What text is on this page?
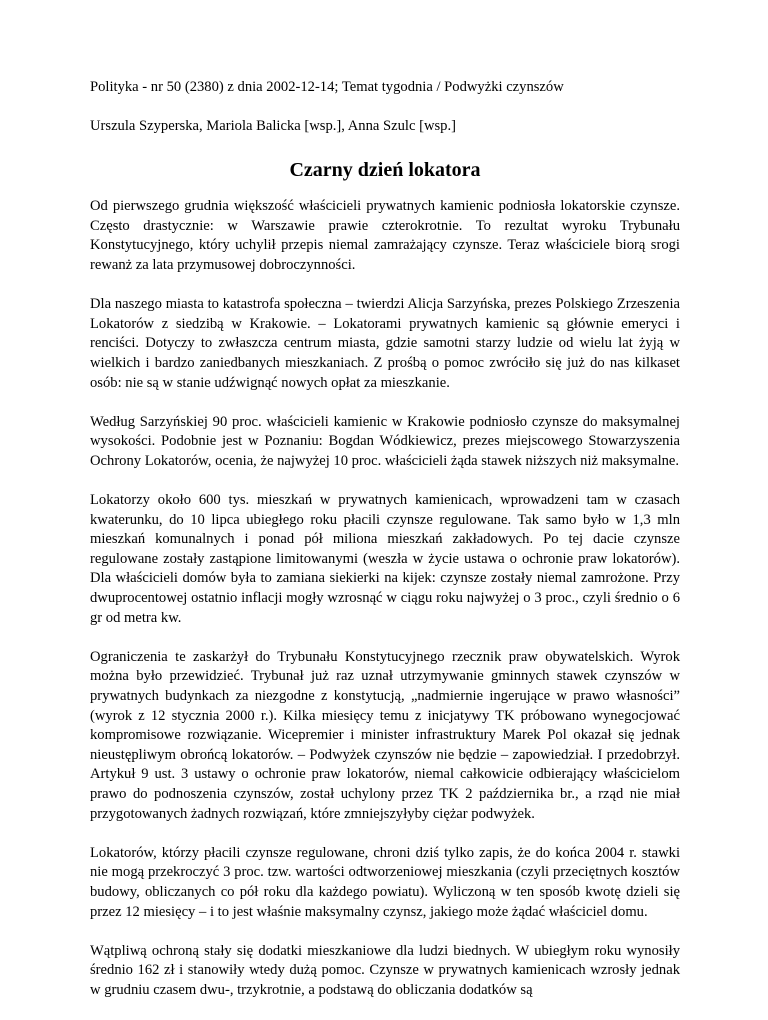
Polityka - nr 50 (2380) z dnia 2002-12-14; Temat tygodnia / Podwyżki czynszów
Urszula Szyperska, Mariola Balicka [wsp.], Anna Szulc [wsp.]
Czarny dzień lokatora

Od pierwszego grudnia większość właścicieli prywatnych kamienic podniosła lokatorskie czynsze. Często drastycznie: w Warszawie prawie czterokrotnie. To rezultat wyroku Trybunału Konstytucyjnego, który uchylił przepis niemal zamrażający czynsze. Teraz właściciele biorą srogi rewanż za lata przymusowej dobroczynności.

Dla naszego miasta to katastrofa społeczna – twierdzi Alicja Sarzyńska, prezes Polskiego Zrzeszenia Lokatorów z siedzibą w Krakowie. – Lokatorami prywatnych kamienic są głównie emeryci i renciści. Dotyczy to zwłaszcza centrum miasta, gdzie samotni starzy ludzie od wielu lat żyją w wielkich i bardzo zaniedbanych mieszkaniach. Z prośbą o pomoc zwróciło się już do nas kilkaset osób: nie są w stanie udźwignąć nowych opłat za mieszkanie.

Według Sarzyńskiej 90 proc. właścicieli kamienic w Krakowie podniosło czynsze do maksymalnej wysokości. Podobnie jest w Poznaniu: Bogdan Wódkiewicz, prezes miejscowego Stowarzyszenia Ochrony Lokatorów, ocenia, że najwyżej 10 proc. właścicieli żąda stawek niższych niż maksymalne.

Lokatorzy około 600 tys. mieszkań w prywatnych kamienicach, wprowadzeni tam w czasach kwaterunku, do 10 lipca ubiegłego roku płacili czynsze regulowane. Tak samo było w 1,3 mln mieszkań komunalnych i ponad pół miliona mieszkań zakładowych. Po tej dacie czynsze regulowane zostały zastąpione limitowanymi (weszła w życie ustawa o ochronie praw lokatorów). Dla właścicieli domów była to zamiana siekierki na kijek: czynsze zostały niemal zamrożone. Przy dwuprocentowej ostatnio inflacji mogły wzrosnąć w ciągu roku najwyżej o 3 proc., czyli średnio o 6 gr od metra kw.

Ograniczenia te zaskarżył do Trybunału Konstytucyjnego rzecznik praw obywatelskich. Wyrok można było przewidzieć. Trybunał już raz uznał utrzymywanie gminnych stawek czynszów w prywatnych budynkach za niezgodne z konstytucją, „nadmiernie ingerujące w prawo własności” (wyrok z 12 stycznia 2000 r.). Kilka miesięcy temu z inicjatywy TK próbowano wynegocjować kompromisowe rozwiązanie. Wicepremier i minister infrastruktury Marek Pol okazał się jednak nieustępliwym obrońcą lokatorów. – Podwyżek czynszów nie będzie – zapowiedział. I przedobrzył. Artykuł 9 ust. 3 ustawy o ochronie praw lokatorów, niemal całkowicie odbierający właścicielom prawo do podnoszenia czynszów, został uchylony przez TK 2 października br., a rząd nie miał przygotowanych żadnych rozwiązań, które zmniejszyłyby ciężar podwyżek.

Lokatorów, którzy płacili czynsze regulowane, chroni dziś tylko zapis, że do końca 2004 r. stawki nie mogą przekroczyć 3 proc. tzw. wartości odtworzeniowej mieszkania (czyli przeciętnych kosztów budowy, obliczanych co pół roku dla każdego powiatu). Wyliczoną w ten sposób kwotę dzieli się przez 12 miesięcy – i to jest właśnie maksymalny czynsz, jakiego może żądać właściciel domu.

Wątpliwą ochroną stały się dodatki mieszkaniowe dla ludzi biednych. W ubiegłym roku wynosiły średnio 162 zł i stanowiły wtedy dużą pomoc. Czynsze w prywatnych kamienicach wzrosły jednak w grudniu czasem dwu-, trzykrotnie, a podstawą do obliczania dodatków są
